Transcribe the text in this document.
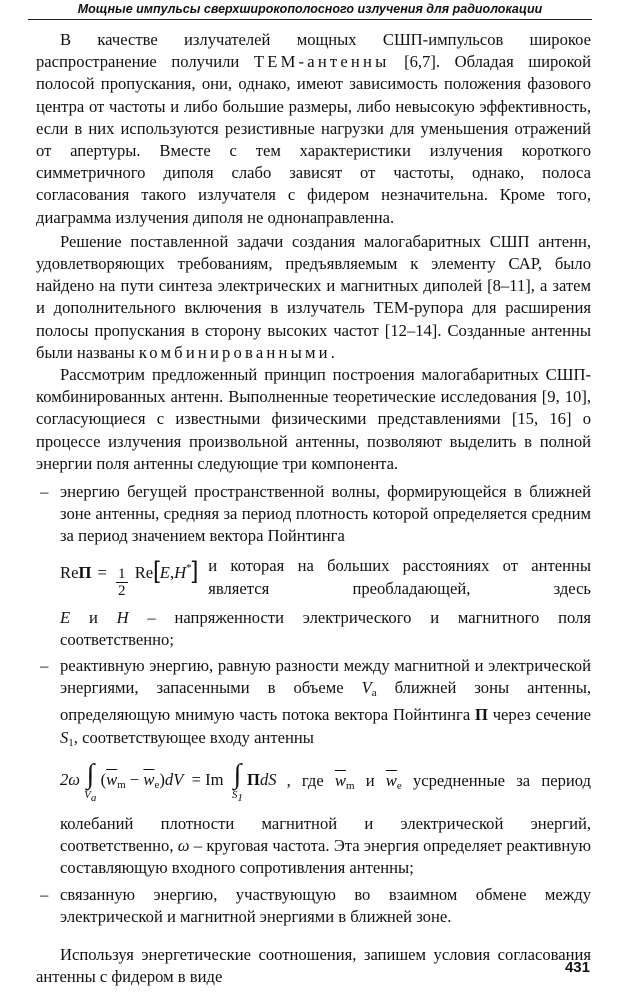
Мощные импульсы сверхширокополосного излучения для радиолокации

В качестве излучателей мощных СШП-импульсов широкое распространение получили ТЕМ-антенны [6,7]. Обладая широкой полосой пропускания, они, однако, имеют зависимость положения фазового центра от частоты и либо большие размеры, либо невысокую эффективность, если в них используются резистивные нагрузки для уменьшения отражений от апертуры. Вместе с тем характеристики излучения короткого симметричного диполя слабо зависят от частоты, однако, полоса согласования такого излучателя с фидером незначительна. Кроме того, диаграмма излучения диполя не однонаправленна.

Решение поставленной задачи создания малогабаритных СШП антенн, удовлетворяющих требованиям, предъявляемым к элементу САР, было найдено на пути синтеза электрических и магнитных диполей [8–11], а затем и дополнительного включения в излучатель ТЕМ-рупора для расширения полосы пропускания в сторону высоких частот [12–14]. Созданные антенны были названы комбинированными.

Рассмотрим предложенный принцип построения малогабаритных СШП-комбинированных антенн. Выполненные теоретические исследования [9, 10], согласующиеся с известными физическими представлениями [15, 16] о процессе излучения произвольной антенны, позволяют выделить в полной энергии поля антенны следующие три компонента.

– энергию бегущей пространственной волны, формирующейся в ближней зоне антенны, средняя за период плотность которой определяется средним за период значением вектора Пойнтинга
ReП = $\frac{1}{2} Re[E,H^*]$ и которая на больших расстояниях от антенны является преобладающей, здесь
E и H – напряженности электрического и магнитного поля соответственно;
– реактивную энергию, равную разности между магнитной и электрической энергиями, запасенными в объеме $V_a$ ближней зоны антенны, определяющую мнимую часть потока вектора Пойнтинга П через сечение $S_1$, соответствующее входу антенны
2ω ∫
Va
$(\overline{w}_m - \overline{w}_e)dV = Im$ ∫
S1
ПdS , где $\overline{w}_m$ и $\overline{w}_e$ усредненные за период
колебаний плотности магнитной и электрической энергий, соответственно, ω – круговая частота. Эта энергия определяет реактивную составляющую входного сопротивления антенны;
– связанную энергию, участвующую во взаимном обмене между электрической и магнитной энергиями в ближней зоне.

Используя энергетические соотношения, запишем условия согласования антенны с фидером в виде	431
